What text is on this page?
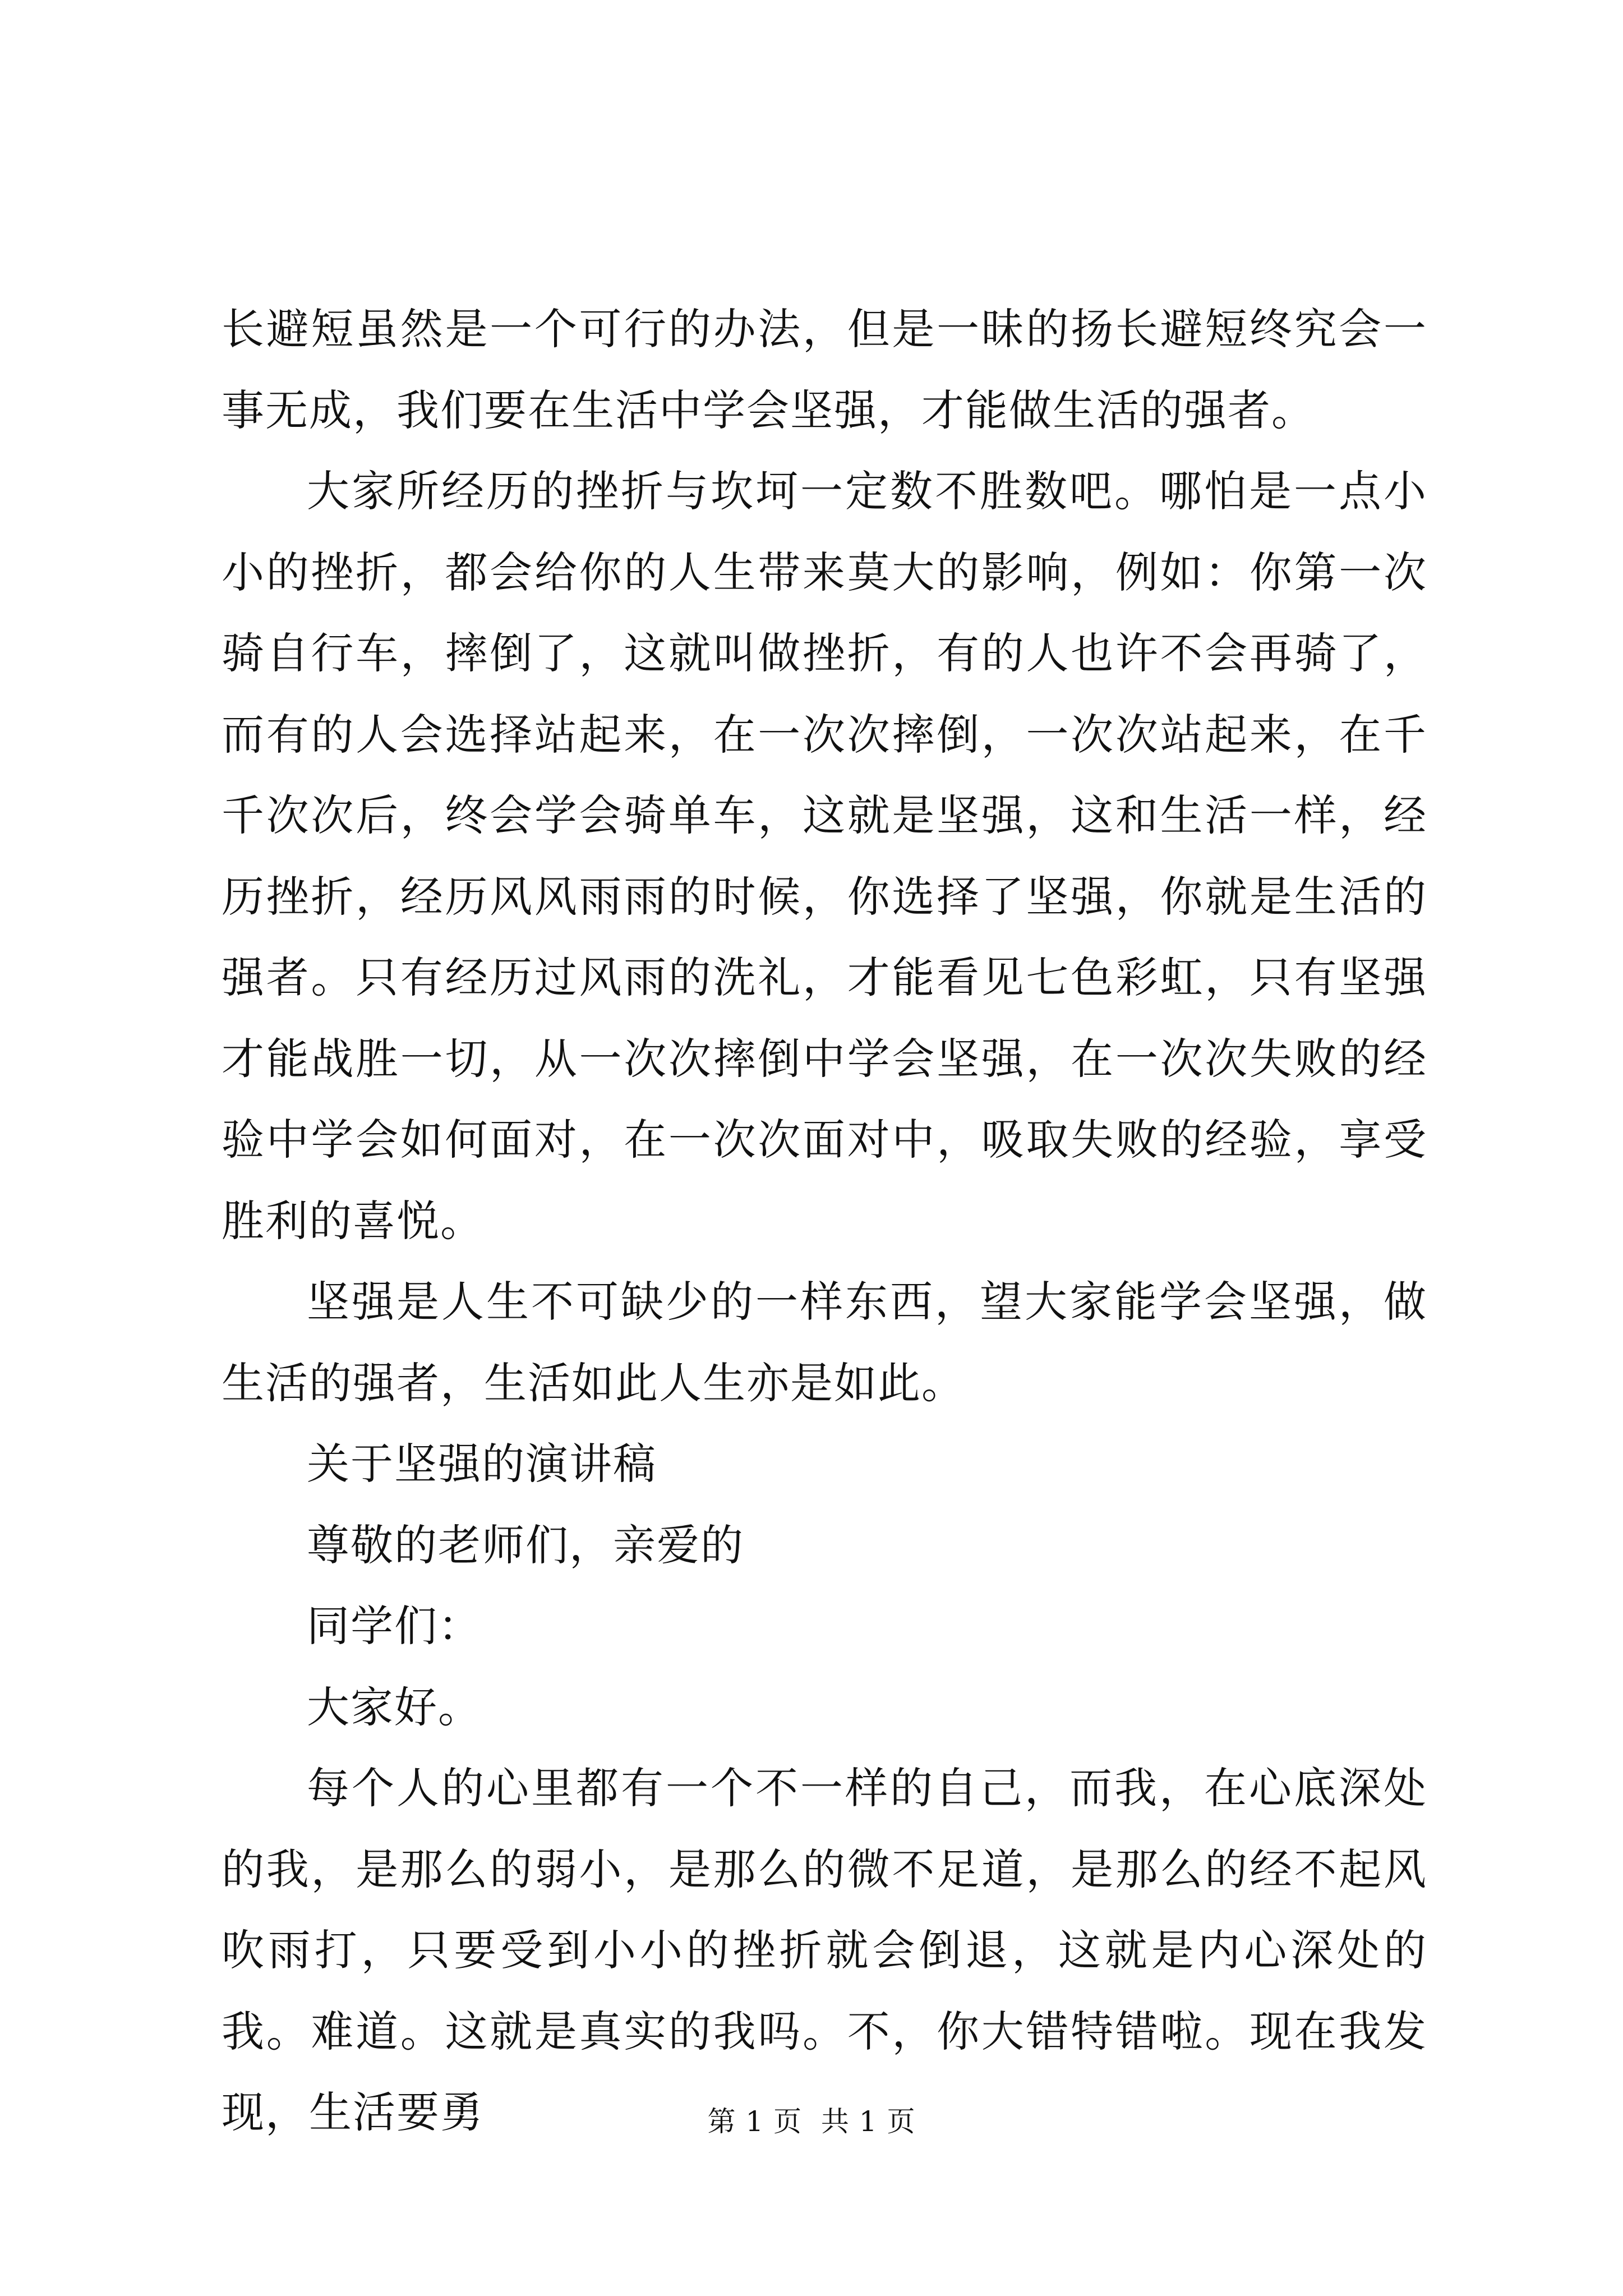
长避短虽然是一个可行的办法，但是一昧的扬长避短终究会一事无成，我们要在生活中学会坚强，才能做生活的强者。

大家所经历的挫折与坎坷一定数不胜数吧。哪怕是一点小小的挫折，都会给你的人生带来莫大的影响，例如：你第一次骑自行车，摔倒了，这就叫做挫折，有的人也许不会再骑了，而有的人会选择站起来，在一次次摔倒，一次次站起来，在千千次次后，终会学会骑单车，这就是坚强，这和生活一样，经历挫折，经历风风雨雨的时候，你选择了坚强，你就是生活的强者。只有经历过风雨的洗礼，才能看见七色彩虹，只有坚强才能战胜一切，从一次次摔倒中学会坚强，在一次次失败的经验中学会如何面对，在一次次面对中，吸取失败的经验，享受胜利的喜悦。

坚强是人生不可缺少的一样东西，望大家能学会坚强，做生活的强者，生活如此人生亦是如此。

关于坚强的演讲稿

尊敬的老师们，亲爱的

同学们：

大家好。

每个人的心里都有一个不一样的自己，而我，在心底深处的我，是那么的弱小，是那么的微不足道，是那么的经不起风吹雨打，只要受到小小的挫折就会倒退，这就是内心深处的我。难道。这就是真实的我吗。不，你大错特错啦。现在我发现，生活要勇	第 1 页  共 1 页
